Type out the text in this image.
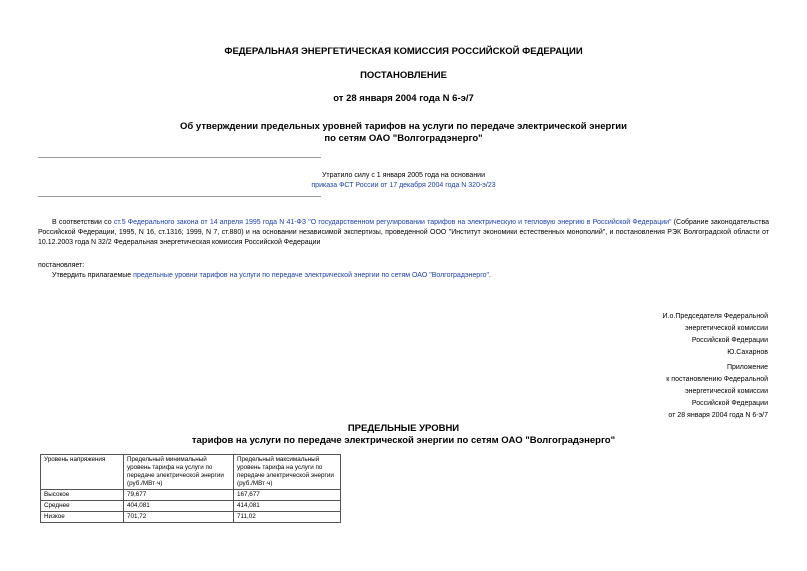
ФЕДЕРАЛЬНАЯ ЭНЕРГЕТИЧЕСКАЯ КОМИССИЯ РОССИЙСКОЙ ФЕДЕРАЦИИ
ПОСТАНОВЛЕНИЕ
от 28 января 2004 года N 6-э/7
Об утверждении предельных уровней тарифов на услуги по передаче электрической энергии
по сетям ОАО "Волгоградэнерго"
Утратило силу с 1 января 2005 года на основании
приказа ФСТ России от 17 декабря 2004 года N 320-э/23
В соответствии со ст.5 Федерального закона от 14 апреля 1995 года N 41-ФЗ "О государственном регулировании тарифов на электрическую и тепловую энергию в Российской Федерации" (Собрание законодательства Российской Федерации, 1995, N 16, ст.1316; 1999, N 7, ст.880) и на основании независимой экспертизы, проведенной ООО "Институт экономики естественных монополий", и постановления РЭК Волгоградской области от 10.12.2003 года N 32/2 Федеральная энергетическая комиссия Российской Федерации
постановляет:
Утвердить прилагаемые предельные уровни тарифов на услуги по передаче электрической энергии по сетям ОАО "Волгоградэнерго".
И.о.Председателя Федеральной
энергетической комиссии
Российской Федерации
Ю.Сахарнов
Приложение
к постановлению Федеральной
энергетической комиссии
Российской Федерации
от 28 января 2004 года N 6-э/7
ПРЕДЕЛЬНЫЕ УРОВНИ
тарифов на услуги по передаче электрической энергии по сетям ОАО "Волгоградэнерго"
Уровень напряжения	Предельный минимальный уровень тарифа на услуги по передаче электрической энергии (руб./МВт·ч)	Предельный максимальный уровень тарифа на услуги по передаче электрической энергии (руб./МВт·ч)
Высокое	79,677	167,677
Среднее	404,081	414,081
Низкое	701,72	711,02
